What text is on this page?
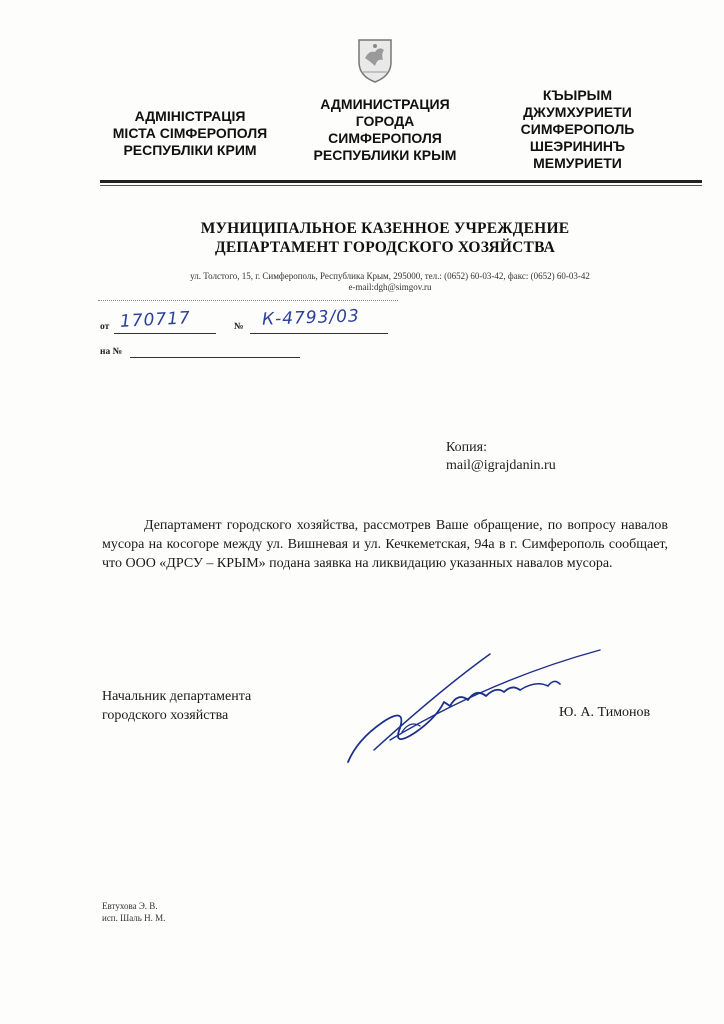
АДМІНІСТРАЦІЯ
МІСТА СІМФЕРОПОЛЯ
РЕСПУБЛІКИ КРИМ
АДМИНИСТРАЦИЯ
ГОРОДА
СИМФЕРОПОЛЯ
РЕСПУБЛИКИ КРЫМ
КЪЫРЫМ
ДЖУМХУРИЕТИ
СИМФЕРОПОЛЬ
ШЕЭРИНИНЪ
МЕМУРИЕТИ
МУНИЦИПАЛЬНОЕ КАЗЕННОЕ УЧРЕЖДЕНИЕ
ДЕПАРТАМЕНТ ГОРОДСКОГО ХОЗЯЙСТВА
ул. Толстого, 15, г. Симферополь, Республика Крым, 295000, тел.: (0652) 60-03-42, факс: (0652) 60-03-42
e-mail:dgh@simgov.ru
от 170717	№ К-4793/03
на №
Копия:
mail@igrajdanin.ru
Департамент городского хозяйства, рассмотрев Ваше обращение, по вопросу навалов мусора на косогоре между ул. Вишневая и ул. Кечкеметская, 94а в г. Симферополь сообщает, что ООО «ДРСУ – КРЫМ» подана заявка на ликвидацию указанных навалов мусора.
Начальник департамента
городского хозяйства	Ю. А. Тимонов
Евтухова Э. В.
исп. Шаль Н. М.
